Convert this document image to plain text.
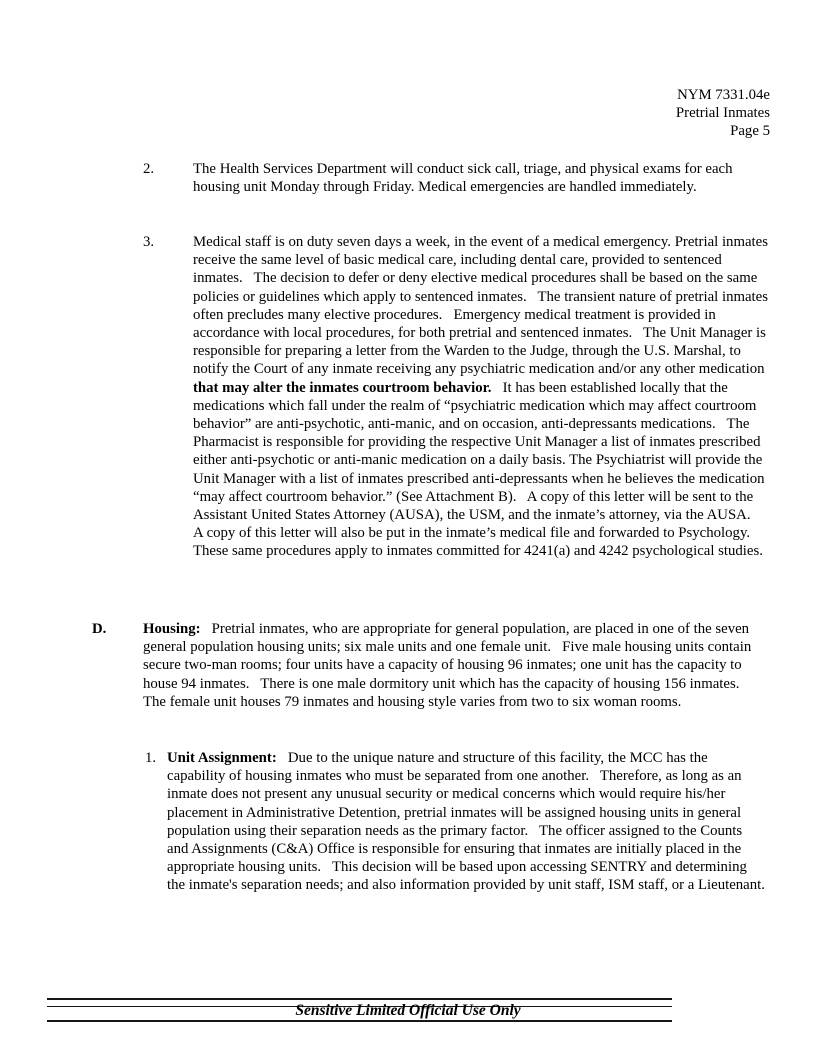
NYM 7331.04e
Pretrial Inmates
Page 5
2.	The Health Services Department will conduct sick call, triage, and physical exams for each housing unit Monday through Friday. Medical emergencies are handled immediately.
3.	Medical staff is on duty seven days a week, in the event of a medical emergency. Pretrial inmates receive the same level of basic medical care, including dental care, provided to sentenced inmates.   The decision to defer or deny elective medical procedures shall be based on the same policies or guidelines which apply to sentenced inmates.   The transient nature of pretrial inmates often precludes many elective procedures.   Emergency medical treatment is provided in accordance with local procedures, for both pretrial and sentenced inmates.   The Unit Manager is responsible for preparing a letter from the Warden to the Judge, through the U.S. Marshal, to notify the Court of any inmate receiving any psychiatric medication and/or any other medication that may alter the inmates courtroom behavior.   It has been established locally that the medications which fall under the realm of “psychiatric medication which may affect courtroom behavior” are anti-psychotic, anti-manic, and on occasion, anti-depressants medications.   The Pharmacist is responsible for providing the respective Unit Manager a list of inmates prescribed either anti-psychotic or anti-manic medication on a daily basis. The Psychiatrist will provide the Unit Manager with a list of inmates prescribed anti-depressants when he believes the medication “may affect courtroom behavior.” (See Attachment B).   A copy of this letter will be sent to the Assistant United States Attorney (AUSA), the USM, and the inmate’s attorney, via the AUSA.   A copy of this letter will also be put in the inmate’s medical file and forwarded to Psychology.   These same procedures apply to inmates committed for 4241(a) and 4242 psychological studies.
D.	Housing:   Pretrial inmates, who are appropriate for general population, are placed in one of the seven general population housing units; six male units and one female unit.   Five male housing units contain secure two-man rooms; four units have a capacity of housing 96 inmates; one unit has the capacity to house 94 inmates.   There is one male dormitory unit which has the capacity of housing 156 inmates.   The female unit houses 79 inmates and housing style varies from two to six woman rooms.
1. Unit Assignment:   Due to the unique nature and structure of this facility, the MCC has the capability of housing inmates who must be separated from one another.   Therefore, as long as an inmate does not present any unusual security or medical concerns which would require his/her placement in Administrative Detention, pretrial inmates will be assigned housing units in general population using their separation needs as the primary factor.   The officer assigned to the Counts and Assignments (C&A) Office is responsible for ensuring that inmates are initially placed in the appropriate housing units.   This decision will be based upon accessing SENTRY and determining the inmate's separation needs; and also information provided by unit staff, ISM staff, or a Lieutenant.
Sensitive Limited Official Use Only
